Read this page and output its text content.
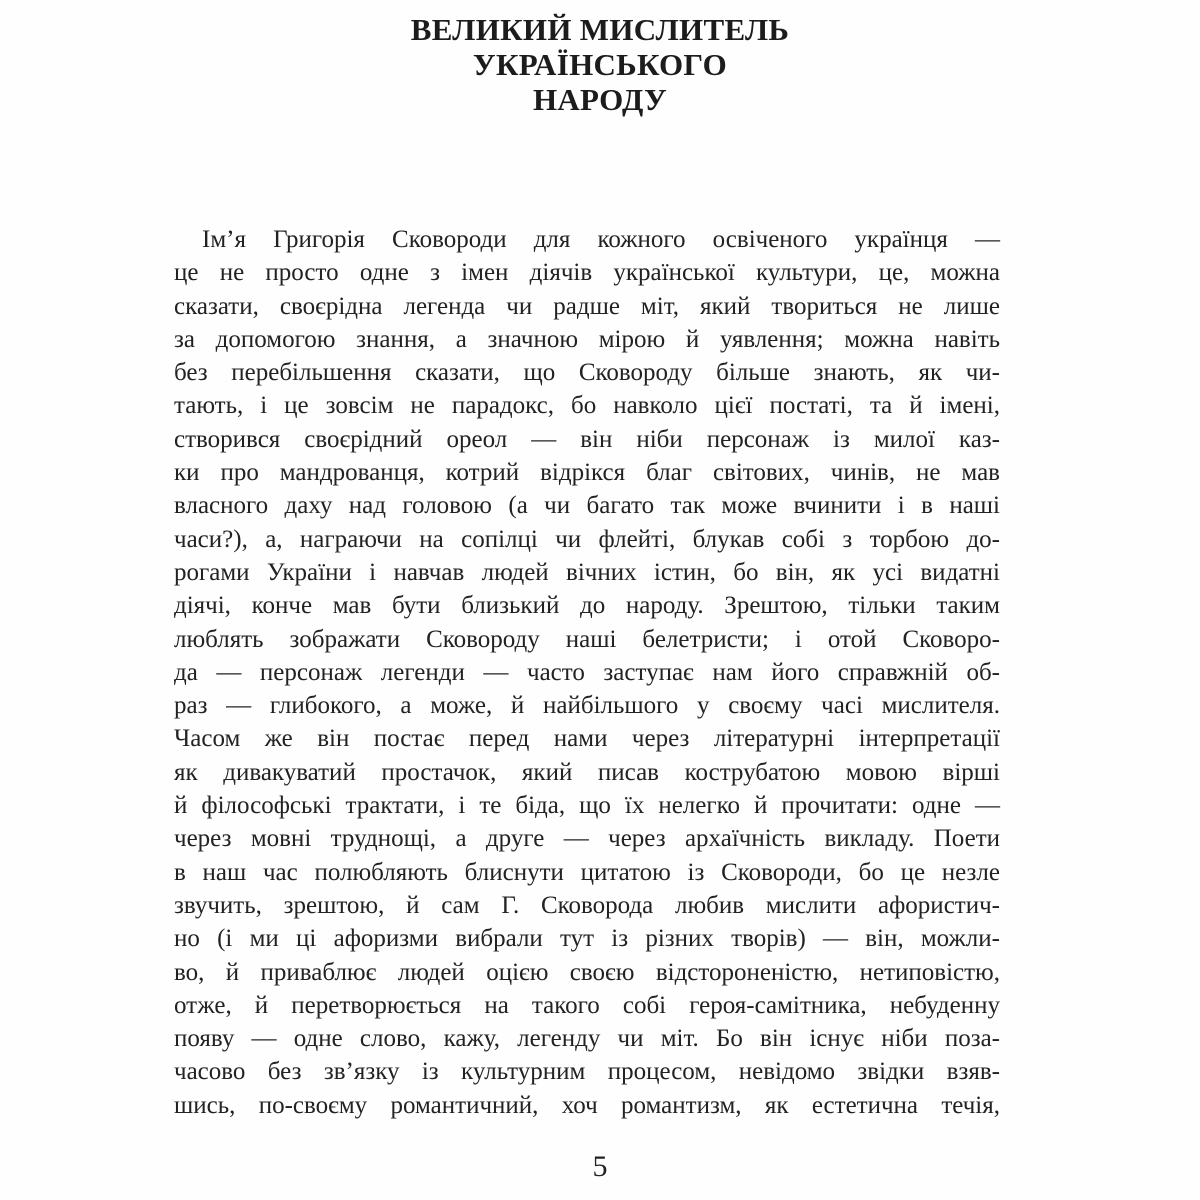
ВЕЛИКИЙ МИСЛИТЕЛЬ
УКРАЇНСЬКОГО
НАРОДУ
Ім’я Григорія Сковороди для кожного освіченого українця —
це не просто одне з імен діячів української культури, це, можна
сказати, своєрідна легенда чи радше міт, який твориться не лише
за допомогою знання, а значною мірою й уявлення; можна навіть
без перебільшення сказати, що Сковороду більше знають, як чи-
тають, і це зовсім не парадокс, бо навколо цієї постаті, та й імені,
створився своєрідний ореол — він ніби персонаж із милої каз-
ки про мандрованця, котрий відрікся благ світових, чинів, не мав
власного даху над головою (а чи багато так може вчинити і в наші
часи?), а, награючи на сопілці чи флейті, блукав собі з торбою до-
рогами України і навчав людей вічних істин, бо він, як усі видатні
діячі, конче мав бути близький до народу. Зрештою, тільки таким
люблять зображати Сковороду наші белетристи; і отой Сковоро-
да — персонаж легенди — часто заступає нам його справжній об-
раз — глибокого, а може, й найбільшого у своєму часі мислителя.
Часом же він постає перед нами через літературні інтерпретації
як дивакуватий простачок, який писав кострубатою мовою вірші
й філософські трактати, і те біда, що їх нелегко й прочитати: одне —
через мовні труднощі, а друге — через архаїчність викладу. Поети
в наш час полюбляють блиснути цитатою із Сковороди, бо це незле
звучить, зрештою, й сам Г. Сковорода любив мислити афористич-
но (і ми ці афоризми вибрали тут із різних творів) — він, можли-
во, й приваблює людей оцією своєю відстороненістю, нетиповістю,
отже, й перетворюється на такого собі героя-самітника, небуденну
появу — одне слово, кажу, легенду чи міт. Бо він існує ніби поза-
часово без зв’язку із культурним процесом, невідомо звідки взяв-
шись, по-своєму романтичний, хоч романтизм, як естетична течія,
5
